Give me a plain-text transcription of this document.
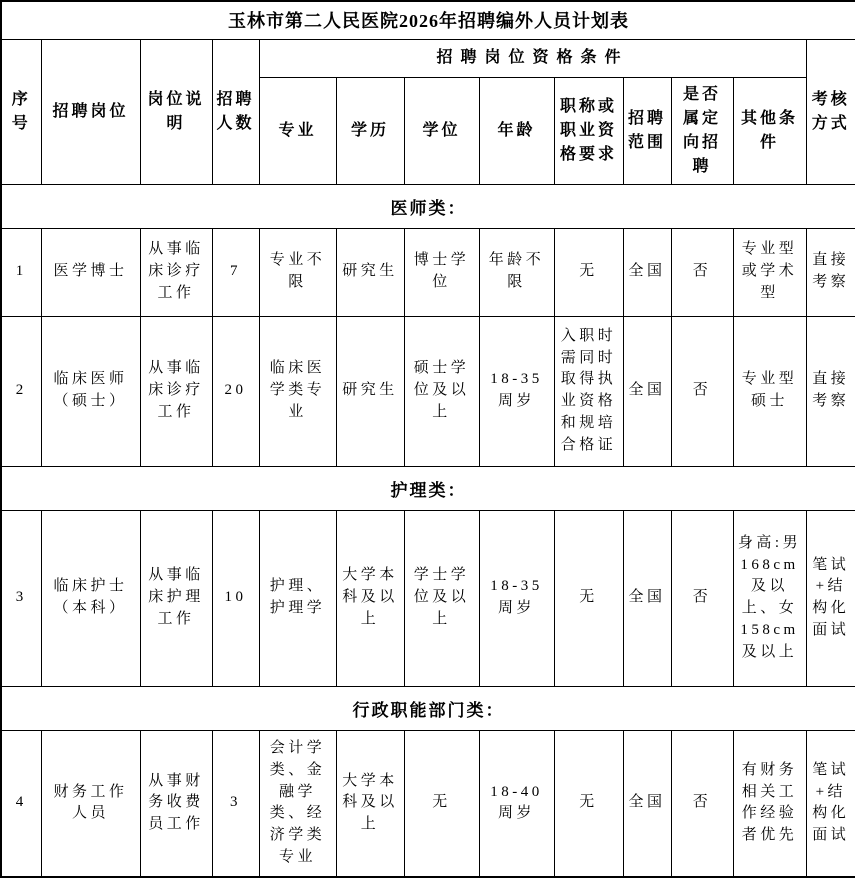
玉林市第二人民医院2026年招聘编外人员计划表												
序号	招聘岗位	岗位说明	招聘人数	招聘岗位资格条件								考核方式
				专业	学历	学位	年龄	职称或职业资格要求	招聘范围	是否属定向招聘	其他条件	
医师类：												
1	医学博士	从事临床诊疗工作	7	专业不限	研究生	博士学位	年龄不限	无	全国	否	专业型或学术型	直接考察
2	临床医师（硕士）	从事临床诊疗工作	20	临床医学类专业	研究生	硕士学位及以上	18-35周岁	入职时需同时取得执业资格和规培合格证	全国	否	专业型硕士	直接考察
护理类：												
3	临床护士（本科）	从事临床护理工作	10	护理、护理学	大学本科及以上	学士学位及以上	18-35周岁	无	全国	否	身高:男168cm及以上、女158cm及以上	笔试+结构化面试
行政职能部门类：												
4	财务工作人员	从事财务收费员工作	3	会计学类、金融学类、经济学类专业	大学本科及以上	无	18-40周岁	无	全国	否	有财务相关工作经验者优先	笔试+结构化面试
